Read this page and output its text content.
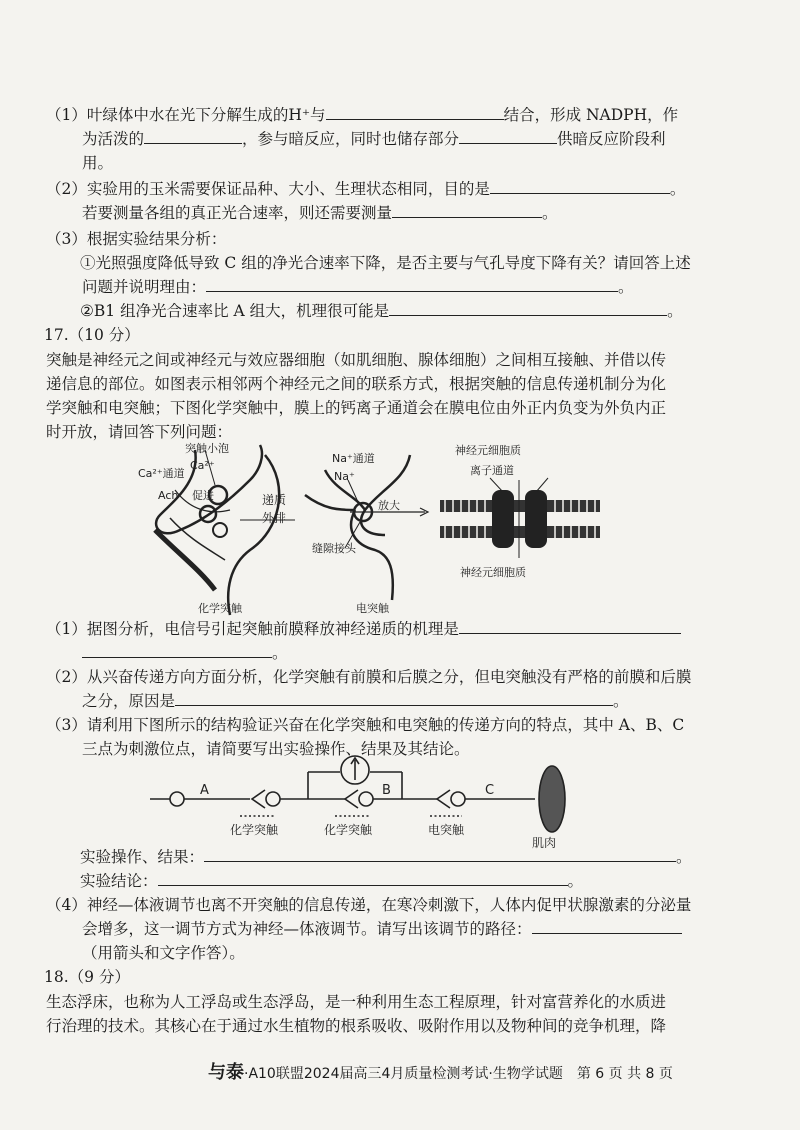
（1）叶绿体中水在光下分解生成的H⁺与	结合，形成 NADPH，作
为活泼的	，参与暗反应，同时也储存部分	供暗反应阶段利
用。
（2）实验用的玉米需要保证品种、大小、生理状态相同，目的是	。
若要测量各组的真正光合速率，则还需要测量	。
（3）根据实验结果分析：
①光照强度降低导致 C 组的净光合速率下降，是否主要与气孔导度下降有关？请回答上述
问题并说明理由：	。
②B1 组净光合速率比 A 组大，机理很可能是	。
17.（10 分）
突触是神经元之间或神经元与效应器细胞（如肌细胞、腺体细胞）之间相互接触、并借以传
递信息的部位。如图表示相邻两个神经元之间的联系方式，根据突触的信息传递机制分为化
学突触和电突触；下图化学突触中，膜上的钙离子通道会在膜电位由外正内负变为外负内正
时开放，请回答下列问题：
突触小泡
Ca²⁺
Ca²⁺通道
Ach 促进	递质
外排
化学突触
Na⁺通道
Na⁺
放大
缝隙接头
电突触
神经元细胞质
离子通道
神经元细胞质
（1）据图分析，电信号引起突触前膜释放神经递质的机理是
。
（2）从兴奋传递方向方面分析，化学突触有前膜和后膜之分，但电突触没有严格的前膜和后膜
之分，原因是	。
（3）请利用下图所示的结构验证兴奋在化学突触和电突触的传递方向的特点，其中 A、B、C
三点为刺激位点，请简要写出实验操作、结果及其结论。
A	B	C
化学突触	化学突触	电突触
肌肉
实验操作、结果：	。
实验结论：	。
（4）神经—体液调节也离不开突触的信息传递，在寒冷刺激下，人体内促甲状腺激素的分泌量
会增多，这一调节方式为神经—体液调节。请写出该调节的路径：
（用箭头和文字作答）。
18.（9 分）
生态浮床，也称为人工浮岛或生态浮岛，是一种利用生态工程原理，针对富营养化的水质进
行治理的技术。其核心在于通过水生植物的根系吸收、吸附作用以及物种间的竞争机理，降
与泰·A10联盟2024届高三4月质量检测考试·生物学试题　第 6 页 共 8 页
